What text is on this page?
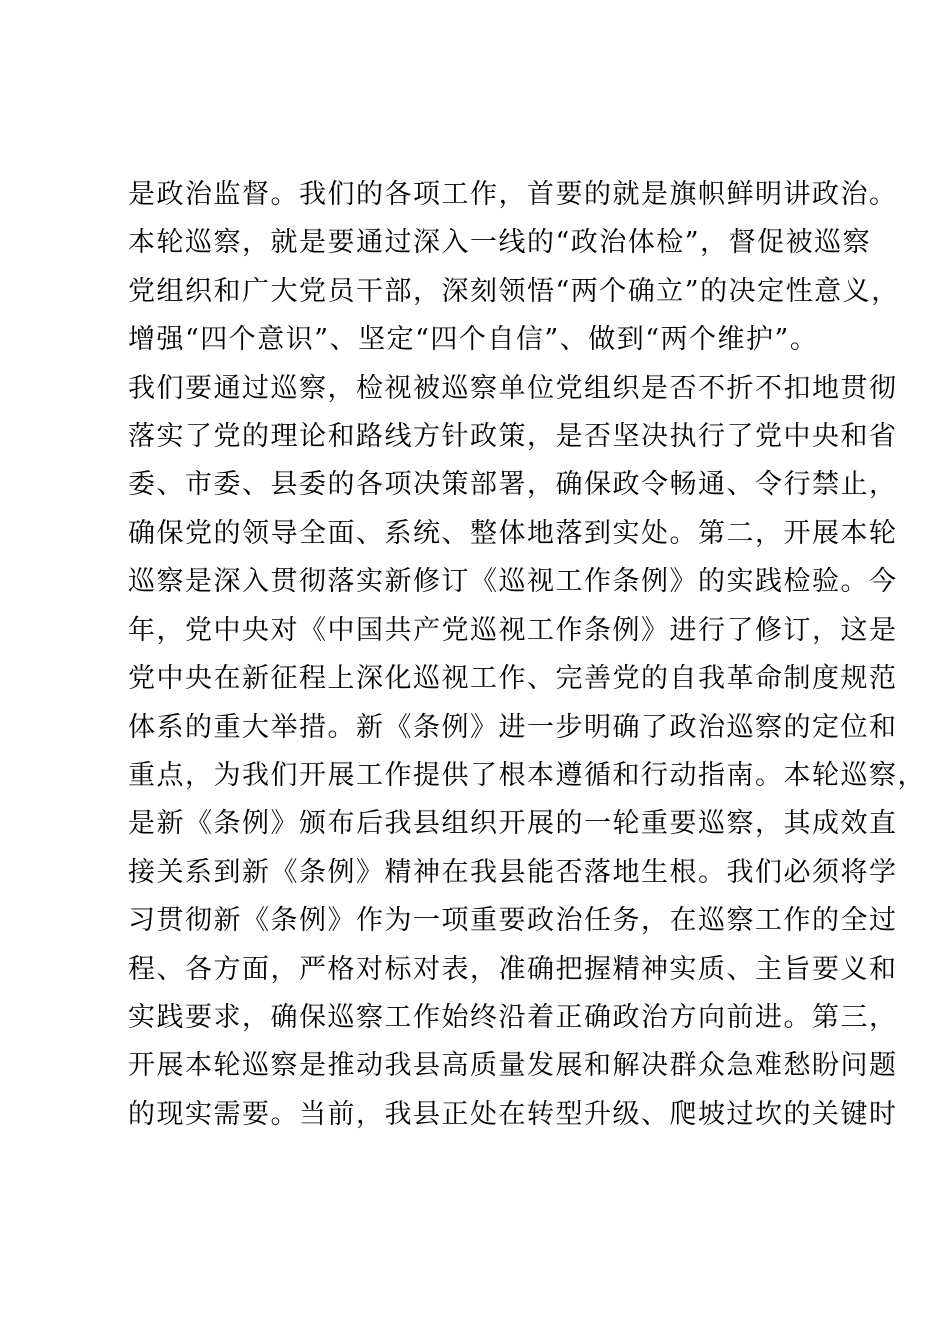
是政治监督。我们的各项工作，首要的就是旗帜鲜明讲政治。
本轮巡察，就是要通过深入一线的“政治体检”，督促被巡察
党组织和广大党员干部，深刻领悟“两个确立”的决定性意义，
增强“四个意识”、坚定“四个自信”、做到“两个维护”。
我们要通过巡察，检视被巡察单位党组织是否不折不扣地贯彻
落实了党的理论和路线方针政策，是否坚决执行了党中央和省
委、市委、县委的各项决策部署，确保政令畅通、令行禁止，
确保党的领导全面、系统、整体地落到实处。第二，开展本轮
巡察是深入贯彻落实新修订《巡视工作条例》的实践检验。今
年，党中央对《中国共产党巡视工作条例》进行了修订，这是
党中央在新征程上深化巡视工作、完善党的自我革命制度规范
体系的重大举措。新《条例》进一步明确了政治巡察的定位和
重点，为我们开展工作提供了根本遵循和行动指南。本轮巡察，
是新《条例》颁布后我县组织开展的一轮重要巡察，其成效直
接关系到新《条例》精神在我县能否落地生根。我们必须将学
习贯彻新《条例》作为一项重要政治任务，在巡察工作的全过
程、各方面，严格对标对表，准确把握精神实质、主旨要义和
实践要求，确保巡察工作始终沿着正确政治方向前进。第三，
开展本轮巡察是推动我县高质量发展和解决群众急难愁盼问题
的现实需要。当前，我县正处在转型升级、爬坡过坎的关键时
